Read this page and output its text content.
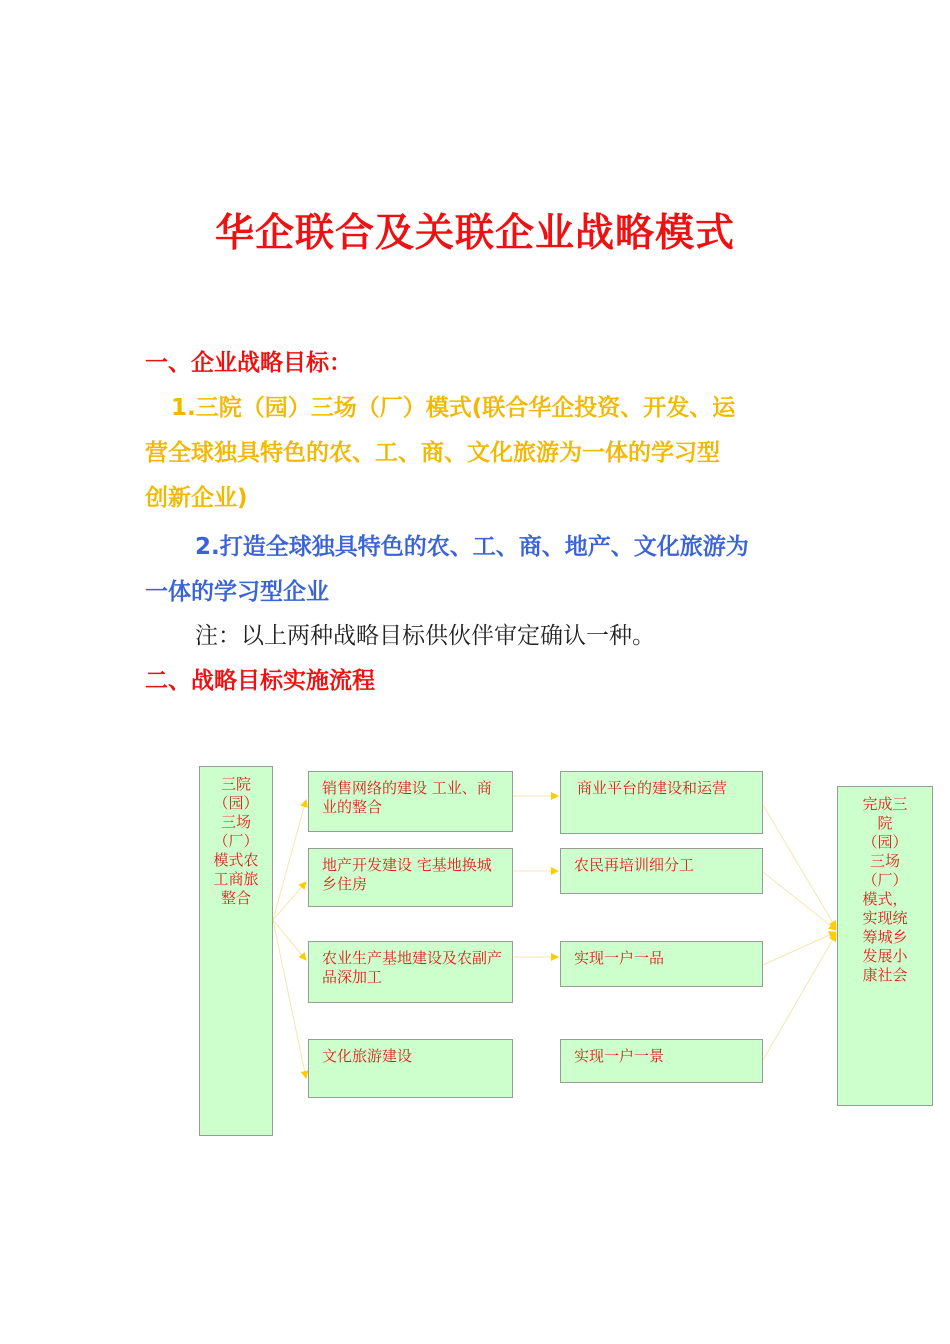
华企联合及关联企业战略模式
一、企业战略目标：
1.三院（园）三场（厂）模式(联合华企投资、开发、运
营全球独具特色的农、工、商、文化旅游为一体的学习型
创新企业)
2.打造全球独具特色的农、工、商、地产、文化旅游为
一体的学习型企业
注：以上两种战略目标供伙伴审定确认一种。
二、战略目标实施流程
三院（园）三场（厂）模式农工商旅整合
销售网络的建设 工业、商业的整合
地产开发建设 宅基地换城乡住房
农业生产基地建设及农副产品深加工
文化旅游建设
商业平台的建设和运营
农民再培训细分工
实现一户一品
实现一户一景
完成三院（园）三场（厂）模式，实现统筹城乡发展小康社会
